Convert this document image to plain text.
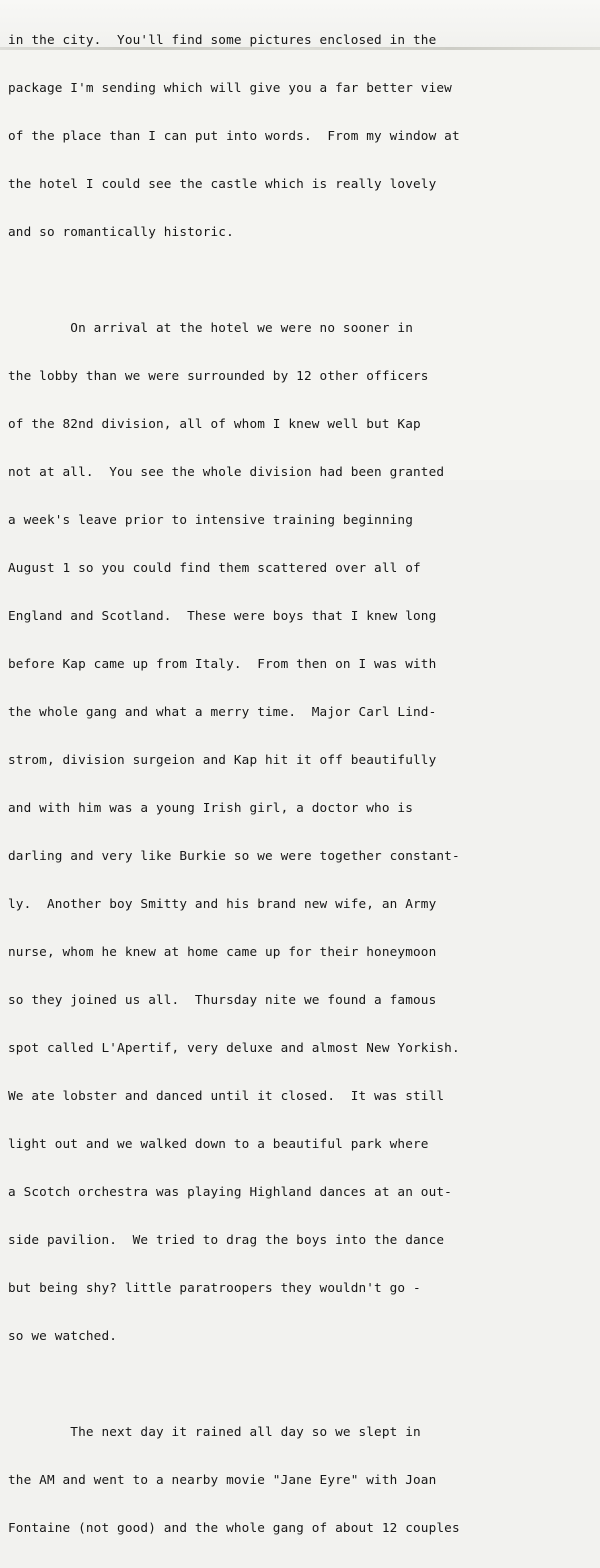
in the city.  You'll find some pictures enclosed in the

package I'm sending which will give you a far better view

of the place than I can put into words.  From my window at

the hotel I could see the castle which is really lovely

and so romantically historic.

On arrival at the hotel we were no sooner in

the lobby than we were surrounded by 12 other officers

of the 82nd division, all of whom I knew well but Kap

not at all.  You see the whole division had been granted

a week's leave prior to intensive training beginning

August 1 so you could find them scattered over all of

England and Scotland.  These were boys that I knew long

before Kap came up from Italy.  From then on I was with

the whole gang and what a merry time.  Major Carl Lind-

strom, division surgeion and Kap hit it off beautifully

and with him was a young Irish girl, a doctor who is

darling and very like Burkie so we were together constant-

ly.  Another boy Smitty and his brand new wife, an Army

nurse, whom he knew at home came up for their honeymoon

so they joined us all.  Thursday nite we found a famous

spot called L'Apertif, very deluxe and almost New Yorkish.

We ate lobster and danced until it closed.  It was still

light out and we walked down to a beautiful park where

a Scotch orchestra was playing Highland dances at an out-

side pavilion.  We tried to drag the boys into the dance

but being shy? little paratroopers they wouldn't go -

so we watched.

The next day it rained all day so we slept in

the AM and went to a nearby movie "Jane Eyre" with Joan

Fontaine (not good) and the whole gang of about 12 couples
